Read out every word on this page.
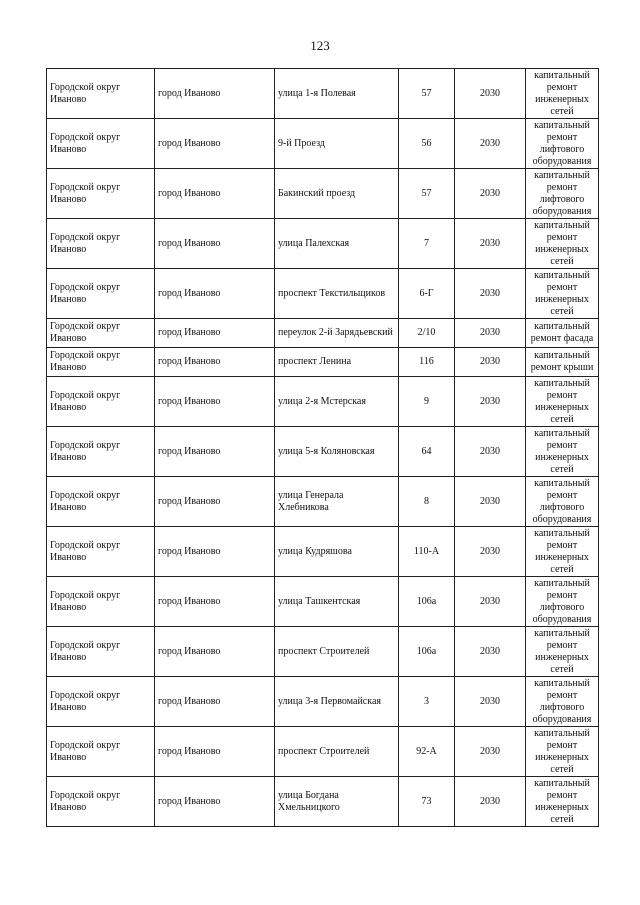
123
Городской округ Иваново	город Иваново	улица 1-я Полевая	57	2030	капитальный ремонт инженерных сетей
Городской округ Иваново	город Иваново	9-й Проезд	56	2030	капитальный ремонт лифтового оборудования
Городской округ Иваново	город Иваново	Бакинский проезд	57	2030	капитальный ремонт лифтового оборудования
Городской округ Иваново	город Иваново	улица Палехская	7	2030	капитальный ремонт инженерных сетей
Городской округ Иваново	город Иваново	проспект Текстильщиков	6-Г	2030	капитальный ремонт инженерных сетей
Городской округ Иваново	город Иваново	переулок 2-й Зарядьевский	2/10	2030	капитальный ремонт фасада
Городской округ Иваново	город Иваново	проспект Ленина	116	2030	капитальный ремонт крыши
Городской округ Иваново	город Иваново	улица 2-я Мстерская	9	2030	капитальный ремонт инженерных сетей
Городской округ Иваново	город Иваново	улица 5-я Коляновская	64	2030	капитальный ремонт инженерных сетей
Городской округ Иваново	город Иваново	улица Генерала Хлебникова	8	2030	капитальный ремонт лифтового оборудования
Городской округ Иваново	город Иваново	улица Кудряшова	110-А	2030	капитальный ремонт инженерных сетей
Городской округ Иваново	город Иваново	улица Ташкентская	106а	2030	капитальный ремонт лифтового оборудования
Городской округ Иваново	город Иваново	проспект Строителей	106а	2030	капитальный ремонт инженерных сетей
Городской округ Иваново	город Иваново	улица 3-я Первомайская	3	2030	капитальный ремонт лифтового оборудования
Городской округ Иваново	город Иваново	проспект Строителей	92-А	2030	капитальный ремонт инженерных сетей
Городской округ Иваново	город Иваново	улица Богдана Хмельницкого	73	2030	капитальный ремонт инженерных сетей
